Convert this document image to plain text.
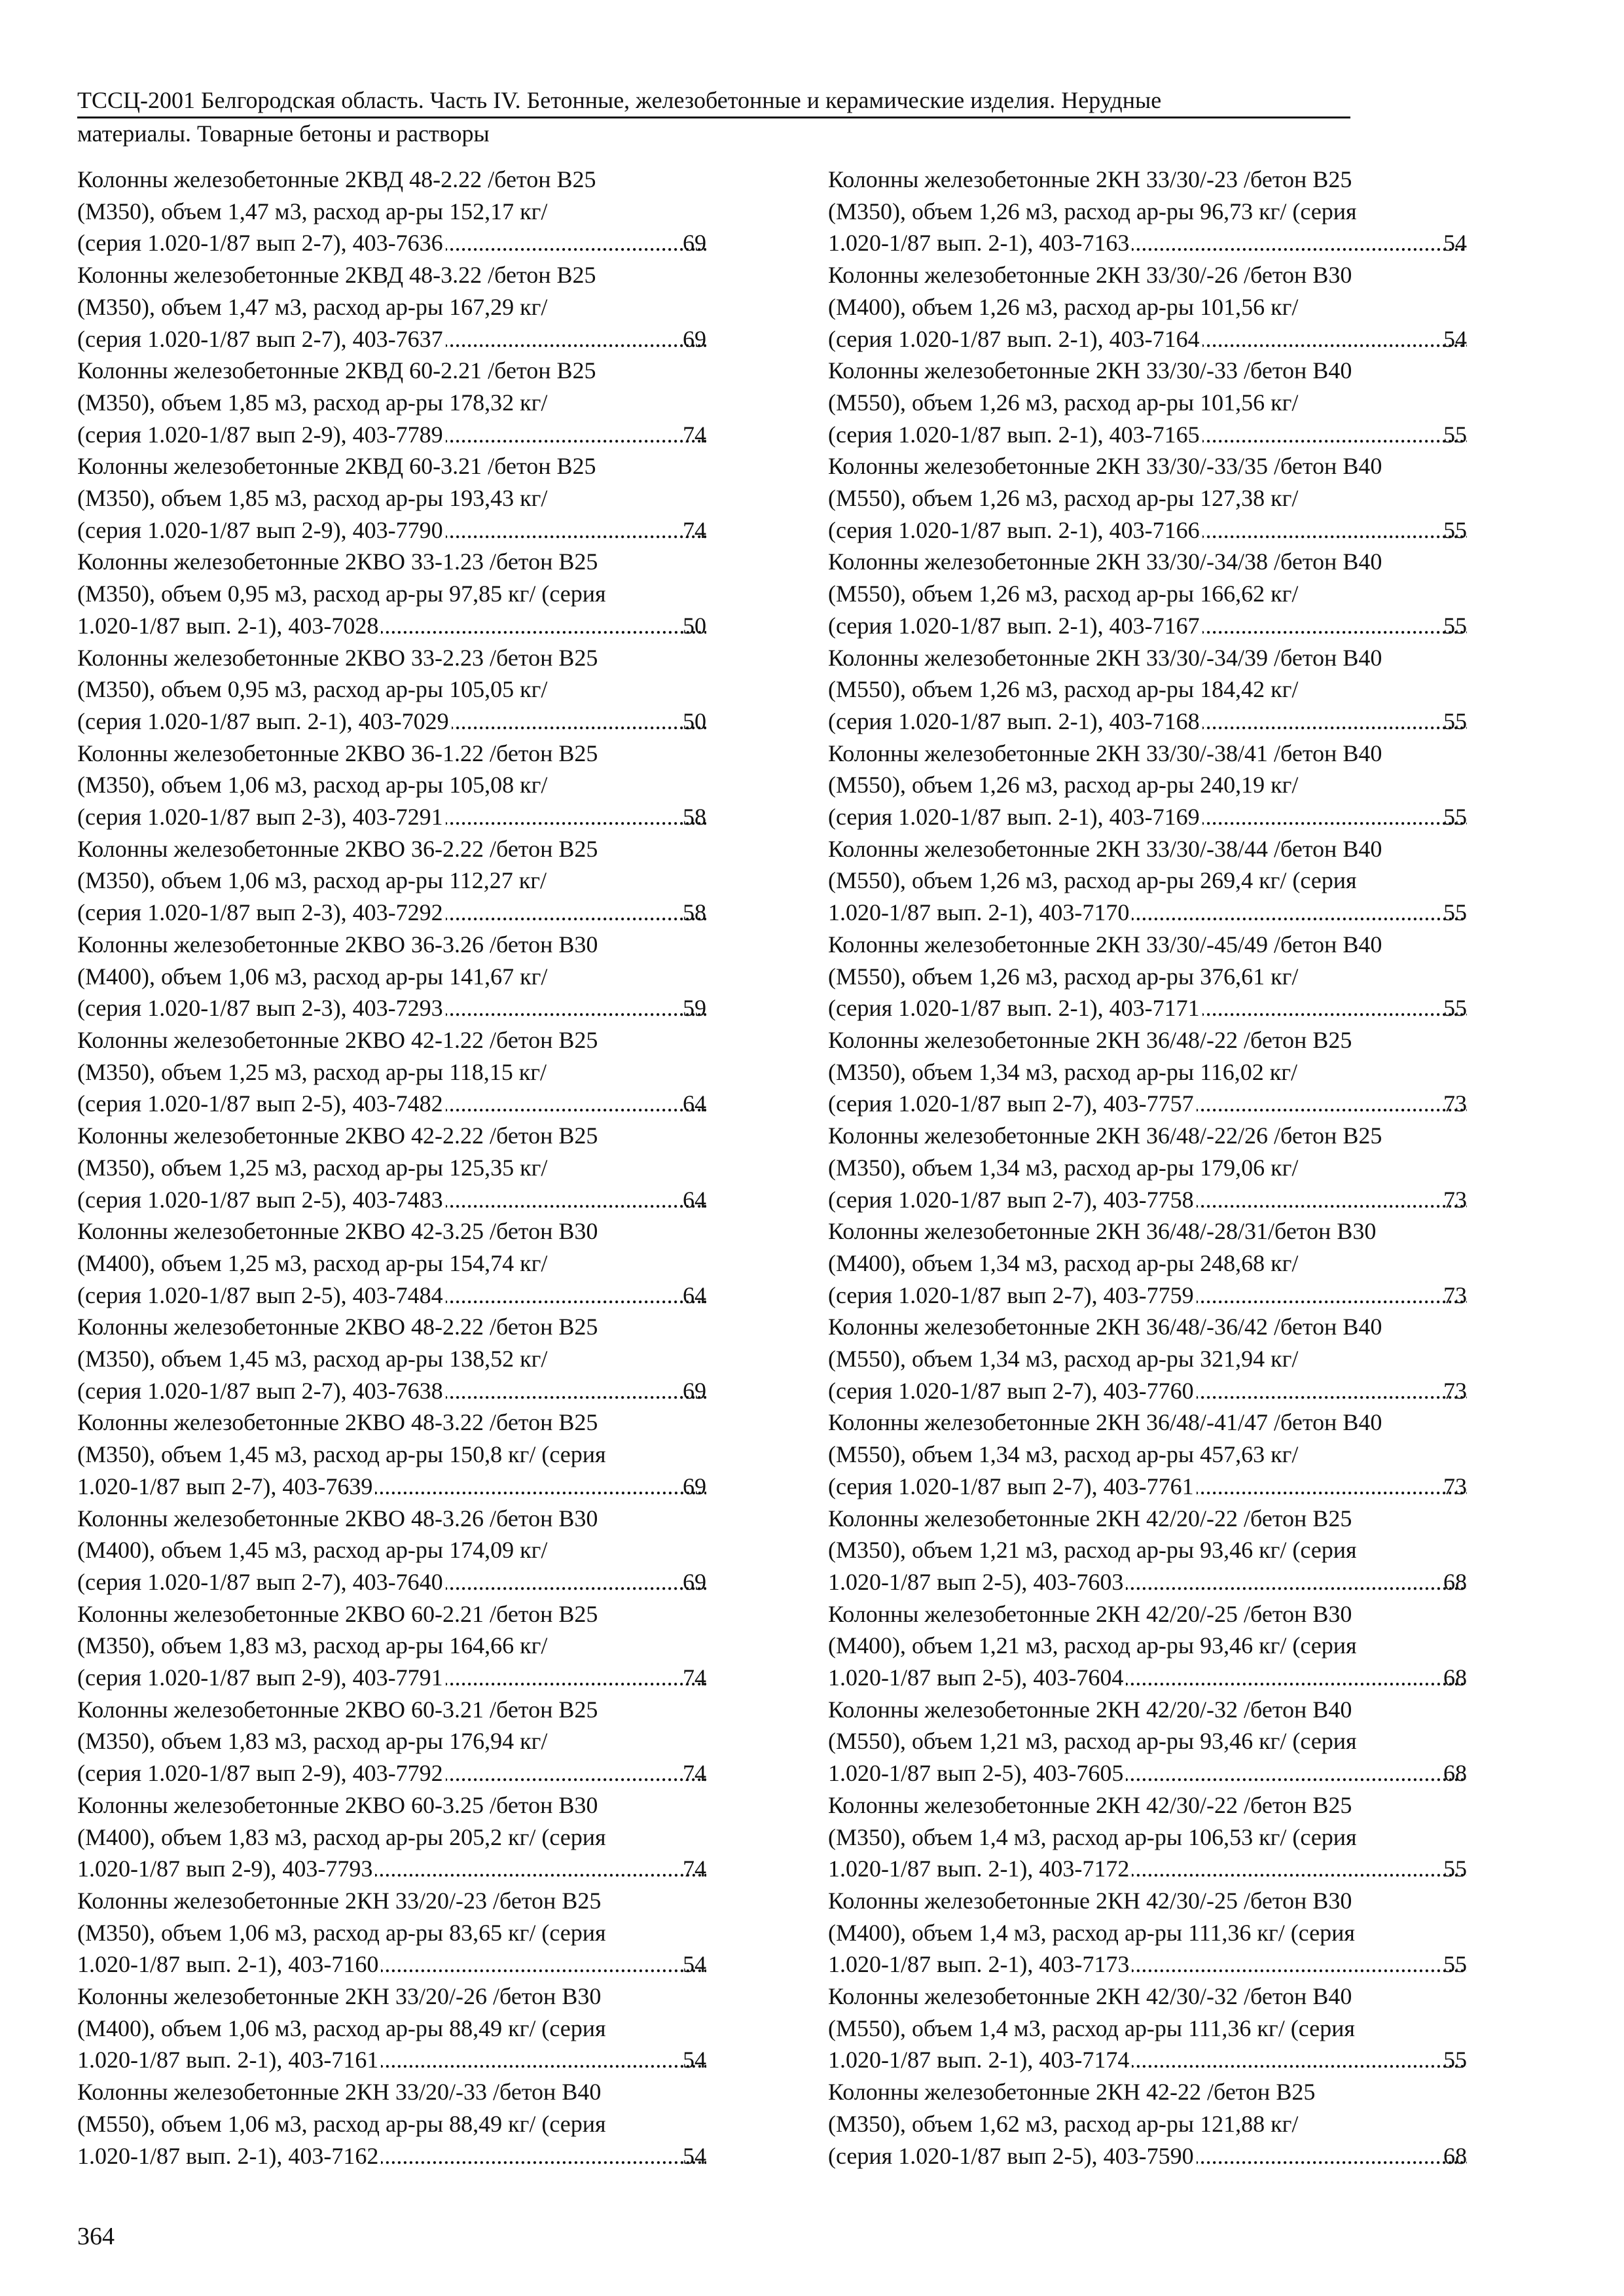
ТССЦ-2001 Белгородская область. Часть IV. Бетонные, железобетонные и керамические изделия. Нерудные
материалы. Товарные бетоны и растворы
Колонны железобетонные 2КВД 48-2.22 /бетон В25
(М350), объем 1,47 м3, расход ар-ры 152,17 кг/
(серия 1.020-1/87 вып 2-7), 403-7636 .....	69
Колонны железобетонные 2КВД 48-3.22 /бетон В25
(М350), объем 1,47 м3, расход ар-ры 167,29 кг/
(серия 1.020-1/87 вып 2-7), 403-7637 .....	69
Колонны железобетонные 2КВД 60-2.21 /бетон В25
(М350), объем 1,85 м3, расход ар-ры 178,32 кг/
(серия 1.020-1/87 вып 2-9), 403-7789 .....	74
Колонны железобетонные 2КВД 60-3.21 /бетон В25
(М350), объем 1,85 м3, расход ар-ры 193,43 кг/
(серия 1.020-1/87 вып 2-9), 403-7790 .....	74
Колонны железобетонные 2КВО 33-1.23 /бетон В25
(М350), объем 0,95 м3, расход ар-ры 97,85 кг/ (серия
1.020-1/87 вып. 2-1), 403-7028 .....	50
Колонны железобетонные 2КВО 33-2.23 /бетон В25
(М350), объем 0,95 м3, расход ар-ры 105,05 кг/
(серия 1.020-1/87 вып. 2-1), 403-7029 .....	50
Колонны железобетонные 2КВО 36-1.22 /бетон В25
(М350), объем 1,06 м3, расход ар-ры 105,08 кг/
(серия 1.020-1/87 вып 2-3), 403-7291 .....	58
Колонны железобетонные 2КВО 36-2.22 /бетон В25
(М350), объем 1,06 м3, расход ар-ры 112,27 кг/
(серия 1.020-1/87 вып 2-3), 403-7292 .....	58
Колонны железобетонные 2КВО 36-3.26 /бетон В30
(М400), объем 1,06 м3, расход ар-ры 141,67 кг/
(серия 1.020-1/87 вып 2-3), 403-7293 .....	59
Колонны железобетонные 2КВО 42-1.22 /бетон В25
(М350), объем 1,25 м3, расход ар-ры 118,15 кг/
(серия 1.020-1/87 вып 2-5), 403-7482 .....	64
Колонны железобетонные 2КВО 42-2.22 /бетон В25
(М350), объем 1,25 м3, расход ар-ры 125,35 кг/
(серия 1.020-1/87 вып 2-5), 403-7483 .....	64
Колонны железобетонные 2КВО 42-3.25 /бетон В30
(М400), объем 1,25 м3, расход ар-ры 154,74 кг/
(серия 1.020-1/87 вып 2-5), 403-7484 .....	64
Колонны железобетонные 2КВО 48-2.22 /бетон В25
(М350), объем 1,45 м3, расход ар-ры 138,52 кг/
(серия 1.020-1/87 вып 2-7), 403-7638 .....	69
Колонны железобетонные 2КВО 48-3.22 /бетон В25
(М350), объем 1,45 м3, расход ар-ры 150,8 кг/ (серия
1.020-1/87 вып 2-7), 403-7639 .....	69
Колонны железобетонные 2КВО 48-3.26 /бетон В30
(М400), объем 1,45 м3, расход ар-ры 174,09 кг/
(серия 1.020-1/87 вып 2-7), 403-7640 .....	69
Колонны железобетонные 2КВО 60-2.21 /бетон В25
(М350), объем 1,83 м3, расход ар-ры 164,66 кг/
(серия 1.020-1/87 вып 2-9), 403-7791 .....	74
Колонны железобетонные 2КВО 60-3.21 /бетон В25
(М350), объем 1,83 м3, расход ар-ры 176,94 кг/
(серия 1.020-1/87 вып 2-9), 403-7792 .....	74
Колонны железобетонные 2КВО 60-3.25 /бетон В30
(М400), объем 1,83 м3, расход ар-ры 205,2 кг/ (серия
1.020-1/87 вып 2-9), 403-7793 .....	74
Колонны железобетонные 2КН 33/20/-23 /бетон В25
(М350), объем 1,06 м3, расход ар-ры 83,65 кг/ (серия
1.020-1/87 вып. 2-1), 403-7160 .....	54
Колонны железобетонные 2КН 33/20/-26 /бетон В30
(М400), объем 1,06 м3, расход ар-ры 88,49 кг/ (серия
1.020-1/87 вып. 2-1), 403-7161 .....	54
Колонны железобетонные 2КН 33/20/-33 /бетон В40
(М550), объем 1,06 м3, расход ар-ры 88,49 кг/ (серия
1.020-1/87 вып. 2-1), 403-7162 .....	54
Колонны железобетонные 2КН 33/30/-23 /бетон В25
(М350), объем 1,26 м3, расход ар-ры 96,73 кг/ (серия
1.020-1/87 вып. 2-1), 403-7163 .....	54
Колонны железобетонные 2КН 33/30/-26 /бетон В30
(М400), объем 1,26 м3, расход ар-ры 101,56 кг/
(серия 1.020-1/87 вып. 2-1), 403-7164 .....	54
Колонны железобетонные 2КН 33/30/-33 /бетон В40
(М550), объем 1,26 м3, расход ар-ры 101,56 кг/
(серия 1.020-1/87 вып. 2-1), 403-7165 .....	55
Колонны железобетонные 2КН 33/30/-33/35 /бетон В40
(М550), объем 1,26 м3, расход ар-ры 127,38 кг/
(серия 1.020-1/87 вып. 2-1), 403-7166 .....	55
Колонны железобетонные 2КН 33/30/-34/38 /бетон В40
(М550), объем 1,26 м3, расход ар-ры 166,62 кг/
(серия 1.020-1/87 вып. 2-1), 403-7167 .....	55
Колонны железобетонные 2КН 33/30/-34/39 /бетон В40
(М550), объем 1,26 м3, расход ар-ры 184,42 кг/
(серия 1.020-1/87 вып. 2-1), 403-7168 .....	55
Колонны железобетонные 2КН 33/30/-38/41 /бетон В40
(М550), объем 1,26 м3, расход ар-ры 240,19 кг/
(серия 1.020-1/87 вып. 2-1), 403-7169 .....	55
Колонны железобетонные 2КН 33/30/-38/44 /бетон В40
(М550), объем 1,26 м3, расход ар-ры 269,4 кг/ (серия
1.020-1/87 вып. 2-1), 403-7170 .....	55
Колонны железобетонные 2КН 33/30/-45/49 /бетон В40
(М550), объем 1,26 м3, расход ар-ры 376,61 кг/
(серия 1.020-1/87 вып. 2-1), 403-7171 .....	55
Колонны железобетонные 2КН 36/48/-22 /бетон В25
(М350), объем 1,34 м3, расход ар-ры 116,02 кг/
(серия 1.020-1/87 вып 2-7), 403-7757 .....	73
Колонны железобетонные 2КН 36/48/-22/26 /бетон В25
(М350), объем 1,34 м3, расход ар-ры 179,06 кг/
(серия 1.020-1/87 вып 2-7), 403-7758 .....	73
Колонны железобетонные 2КН 36/48/-28/31/бетон В30
(М400), объем 1,34 м3, расход ар-ры 248,68 кг/
(серия 1.020-1/87 вып 2-7), 403-7759 .....	73
Колонны железобетонные 2КН 36/48/-36/42 /бетон В40
(М550), объем 1,34 м3, расход ар-ры 321,94 кг/
(серия 1.020-1/87 вып 2-7), 403-7760 .....	73
Колонны железобетонные 2КН 36/48/-41/47 /бетон В40
(М550), объем 1,34 м3, расход ар-ры 457,63 кг/
(серия 1.020-1/87 вып 2-7), 403-7761 .....	73
Колонны железобетонные 2КН 42/20/-22 /бетон В25
(М350), объем 1,21 м3, расход ар-ры 93,46 кг/ (серия
1.020-1/87 вып 2-5), 403-7603 .....	68
Колонны железобетонные 2КН 42/20/-25 /бетон В30
(М400), объем 1,21 м3, расход ар-ры 93,46 кг/ (серия
1.020-1/87 вып 2-5), 403-7604 .....	68
Колонны железобетонные 2КН 42/20/-32 /бетон В40
(М550), объем 1,21 м3, расход ар-ры 93,46 кг/ (серия
1.020-1/87 вып 2-5), 403-7605 .....	68
Колонны железобетонные 2КН 42/30/-22 /бетон В25
(М350), объем 1,4 м3, расход ар-ры 106,53 кг/ (серия
1.020-1/87 вып. 2-1), 403-7172 .....	55
Колонны железобетонные 2КН 42/30/-25 /бетон В30
(М400), объем 1,4 м3, расход ар-ры 111,36 кг/ (серия
1.020-1/87 вып. 2-1), 403-7173 .....	55
Колонны железобетонные 2КН 42/30/-32 /бетон В40
(М550), объем 1,4 м3, расход ар-ры 111,36 кг/ (серия
1.020-1/87 вып. 2-1), 403-7174 .....	55
Колонны железобетонные 2КН 42-22 /бетон В25
(М350), объем 1,62 м3, расход ар-ры 121,88 кг/
(серия 1.020-1/87 вып 2-5), 403-7590 .....	68
364
